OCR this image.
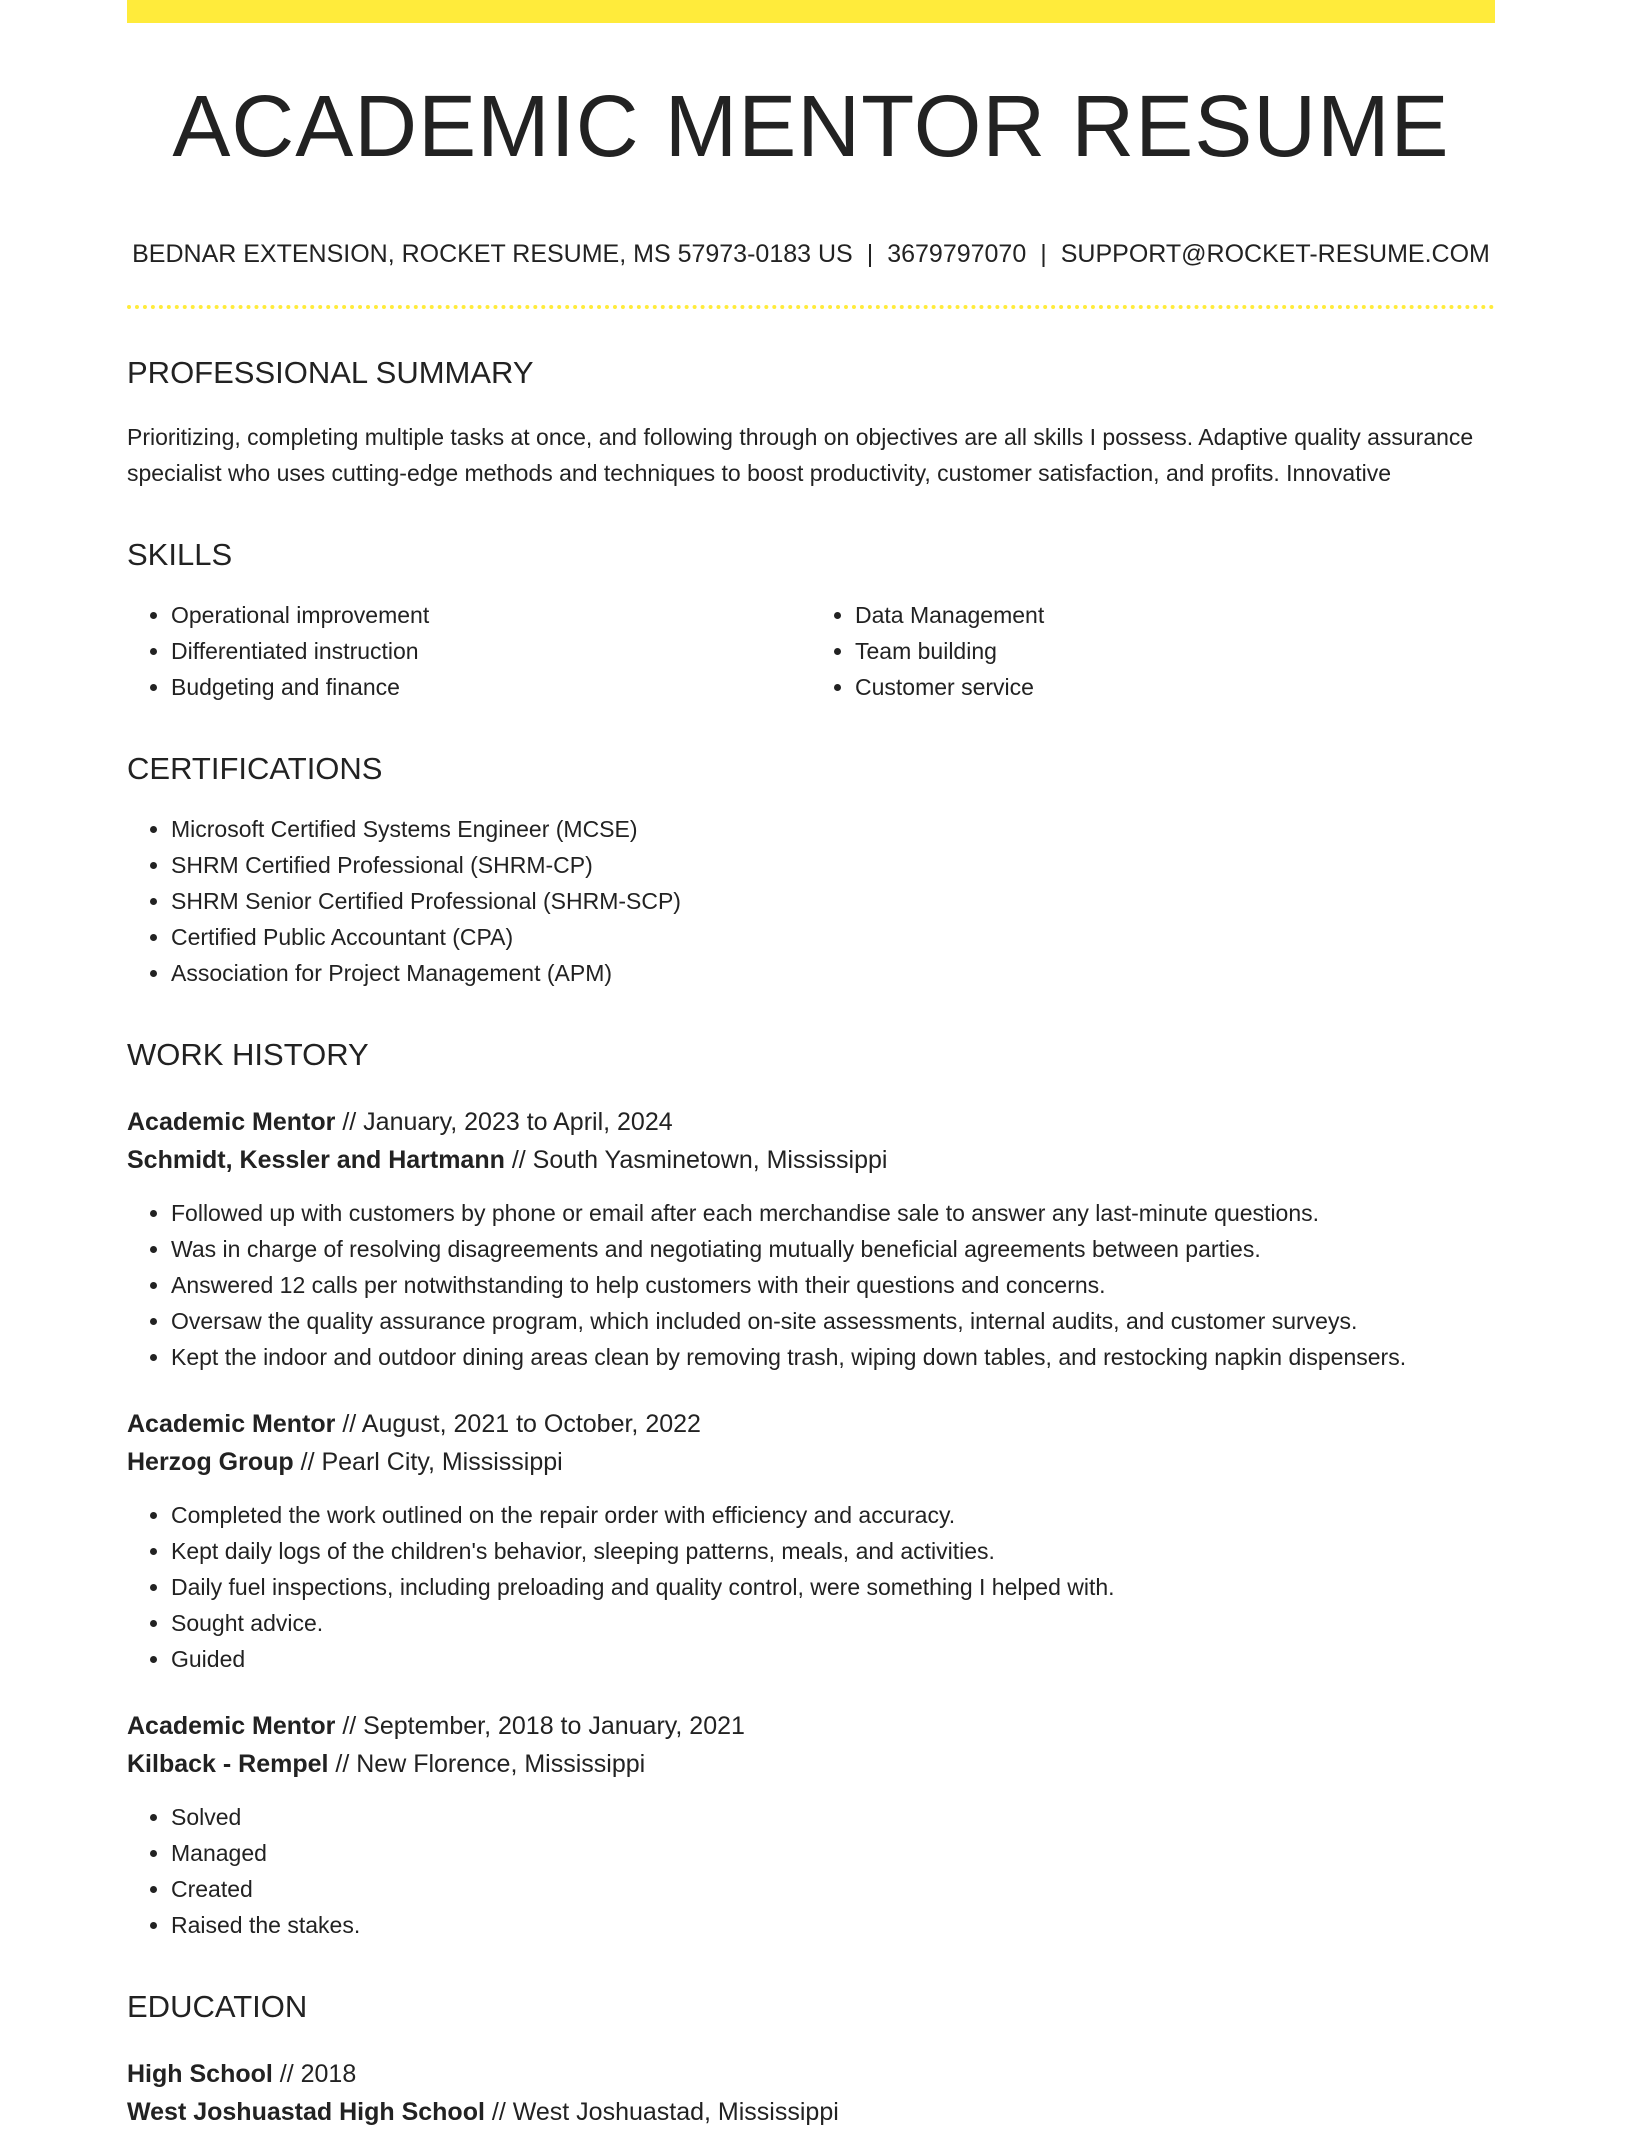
ACADEMIC MENTOR RESUME
BEDNAR EXTENSION, ROCKET RESUME, MS 57973-0183 US | 3679797070 | SUPPORT@ROCKET-RESUME.COM
PROFESSIONAL SUMMARY

Prioritizing, completing multiple tasks at once, and following through on objectives are all skills I possess. Adaptive quality assurance specialist who uses cutting-edge methods and techniques to boost productivity, customer satisfaction, and profits. Innovative

SKILLS
• Operational improvement
• Differentiated instruction
• Budgeting and finance
• Data Management
• Team building
• Customer service
CERTIFICATIONS
• Microsoft Certified Systems Engineer (MCSE)
• SHRM Certified Professional (SHRM-CP)
• SHRM Senior Certified Professional (SHRM-SCP)
• Certified Public Accountant (CPA)
• Association for Project Management (APM)
WORK HISTORY
Academic Mentor // January, 2023 to April, 2024
Schmidt, Kessler and Hartmann // South Yasminetown, Mississippi
• Followed up with customers by phone or email after each merchandise sale to answer any last-minute questions.
• Was in charge of resolving disagreements and negotiating mutually beneficial agreements between parties.
• Answered 12 calls per notwithstanding to help customers with their questions and concerns.
• Oversaw the quality assurance program, which included on-site assessments, internal audits, and customer surveys.
• Kept the indoor and outdoor dining areas clean by removing trash, wiping down tables, and restocking napkin dispensers.
Academic Mentor // August, 2021 to October, 2022
Herzog Group // Pearl City, Mississippi
• Completed the work outlined on the repair order with efficiency and accuracy.
• Kept daily logs of the children's behavior, sleeping patterns, meals, and activities.
• Daily fuel inspections, including preloading and quality control, were something I helped with.
• Sought advice.
• Guided
Academic Mentor // September, 2018 to January, 2021
Kilback - Rempel // New Florence, Mississippi
• Solved
• Managed
• Created
• Raised the stakes.
EDUCATION
High School // 2018
West Joshuastad High School // West Joshuastad, Mississippi
